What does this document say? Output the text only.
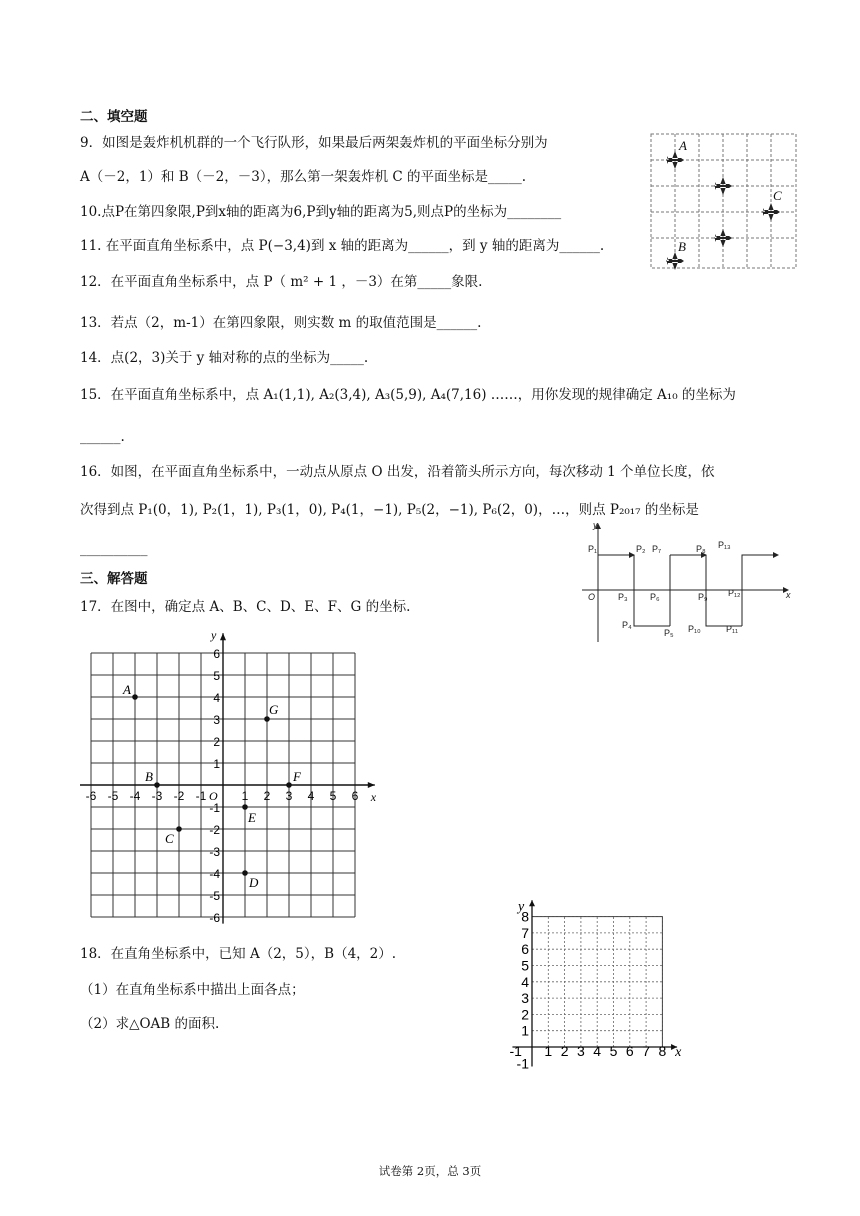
二、填空题
9．如图是轰炸机机群的一个飞行队形，如果最后两架轰炸机的平面坐标分别为
A（－2，1）和 B（－2，－3），那么第一架轰炸机 C 的平面坐标是_____.
A
C
B
10.点P在第四象限,P到x轴的距离为6,P到y轴的距离为5,则点P的坐标为________
11. 在平面直角坐标系中，点 P(−3,4)到 x 轴的距离为______，到 y 轴的距离为______.
12．在平面直角坐标系中，点 P（ m² + 1 ，－3）在第_____象限.
13．若点（2，m-1）在第四象限，则实数 m 的取值范围是______.
14．点(2，3)关于 y 轴对称的点的坐标为_____.
15．在平面直角坐标系中，点 A₁(1,1), A₂(3,4), A₃(5,9), A₄(7,16) ……，用你发现的规律确定 A₁₀ 的坐标为
______.
16．如图，在平面直角坐标系中，一动点从原点 O 出发，沿着箭头所示方向，每次移动 1 个单位长度，依
次得到点 P₁(0，1), P₂(1，1), P₃(1，0), P₄(1，−1), P₅(2，−1), P₆(2，0)，…，则点 P₂₀₁₇ 的坐标是
__________
y
x
O
P₁	P₂
P₃
P₄
P₅
P₆
P₇	P₈
P₉
P₁₀	P₁₁
P₁₂
P₁₃
三、解答题
17．在图中，确定点 A、B、C、D、E、F、G 的坐标.
-6 -5 -4 -3 -2 -1	1 2 3 4 5 6
6
5
4
3
2
1
-1
-2
-3
-4
-5
-6
O	x
y
A
B
C
D
E
F
G
18．在直角坐标系中，已知 A（2，5），B（4，2）.
（1）在直角坐标系中描出上面各点；
（2）求△OAB 的面积.
-1 1 2 3 4 5 6 7 8
8
7
6
5
4
3
2
1
-1
x
y
试卷第 2页，总 3页
